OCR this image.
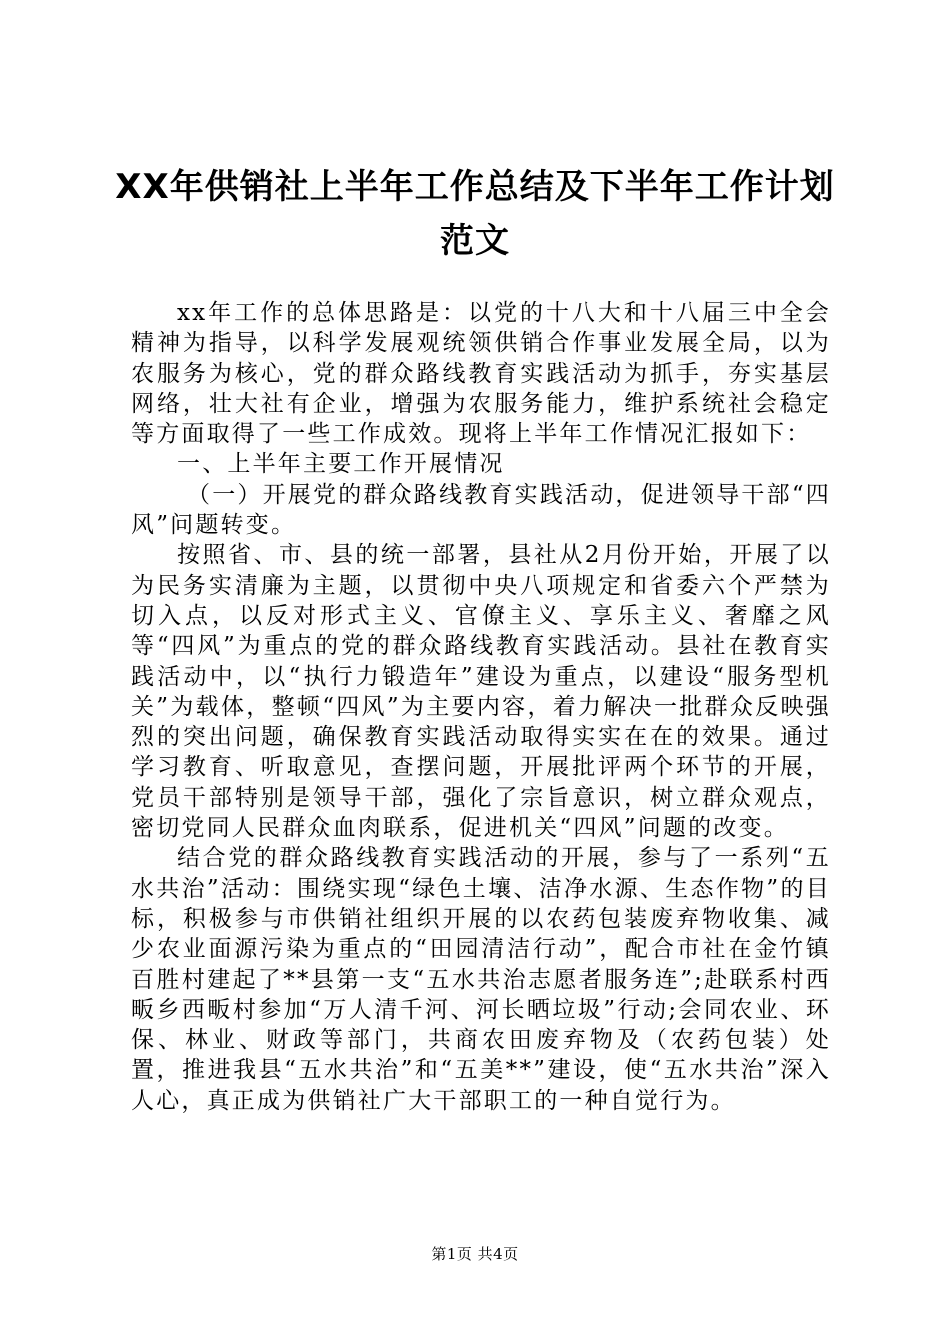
XX年供销社上半年工作总结及下半年工作计划范文

xx年工作的总体思路是：以党的十八大和十八届三中全会精神为指导，以科学发展观统领供销合作事业发展全局，以为农服务为核心，党的群众路线教育实践活动为抓手，夯实基层网络，壮大社有企业，增强为农服务能力，维护系统社会稳定等方面取得了一些工作成效。现将上半年工作情况汇报如下：

一、上半年主要工作开展情况

（一）开展党的群众路线教育实践活动，促进领导干部“四风”问题转变。

按照省、市、县的统一部署，县社从2月份开始，开展了以为民务实清廉为主题，以贯彻中央八项规定和省委六个严禁为切入点，以反对形式主义、官僚主义、享乐主义、奢靡之风等“四风”为重点的党的群众路线教育实践活动。县社在教育实践活动中，以“执行力锻造年”建设为重点，以建设“服务型机关”为载体，整顿“四风”为主要内容，着力解决一批群众反映强烈的突出问题，确保教育实践活动取得实实在在的效果。通过学习教育、听取意见，查摆问题，开展批评两个环节的开展，党员干部特别是领导干部，强化了宗旨意识，树立群众观点，密切党同人民群众血肉联系，促进机关“四风”问题的改变。

结合党的群众路线教育实践活动的开展，参与了一系列“五水共治”活动：围绕实现“绿色土壤、洁净水源、生态作物”的目标，积极参与市供销社组织开展的以农药包装废弃物收集、减少农业面源污染为重点的“田园清洁行动”，配合市社在金竹镇百胜村建起了**县第一支“五水共治志愿者服务连”;赴联系村西畈乡西畈村参加“万人清千河、河长晒垃圾”行动;会同农业、环保、林业、财政等部门，共商农田废弃物及（农药包装）处置，推进我县“五水共治”和“五美**”建设，使“五水共治”深入人心，真正成为供销社广大干部职工的一种自觉行为。

第1页 共4页
